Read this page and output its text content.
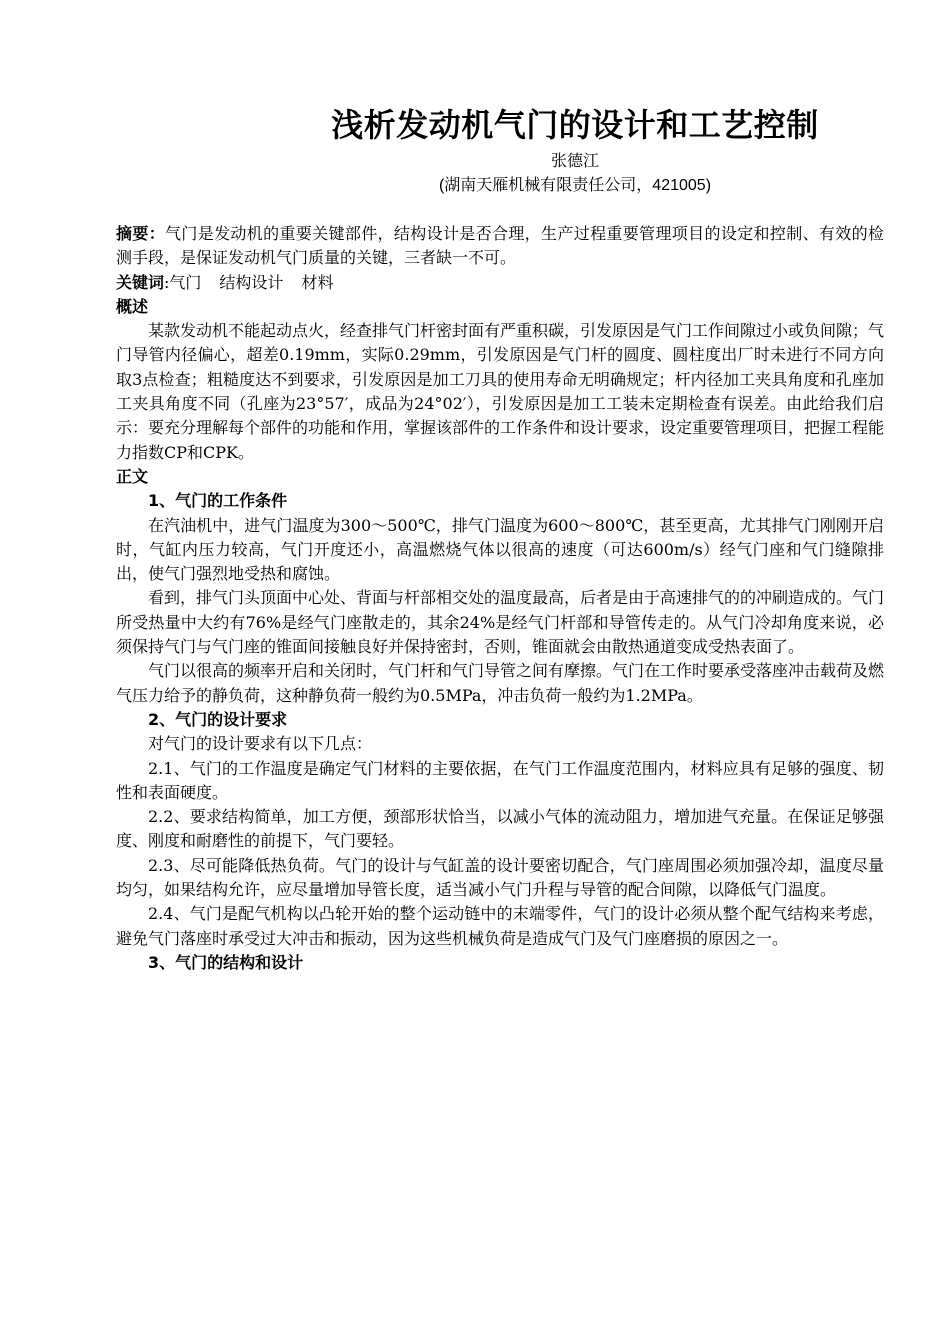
浅析发动机气门的设计和工艺控制
张德江
(湖南天雁机械有限责任公司，421005)

摘要：气门是发动机的重要关键部件，结构设计是否合理，生产过程重要管理项目的设定和控制、有效的检测手段，是保证发动机气门质量的关键，三者缺一不可。

关键词:气门 结构设计 材料

概述

某款发动机不能起动点火，经查排气门杆密封面有严重积碳，引发原因是气门工作间隙过小或负间隙；气门导管内径偏心，超差0.19mm，实际0.29mm，引发原因是气门杆的圆度、圆柱度出厂时未进行不同方向取3点检查；粗糙度达不到要求，引发原因是加工刀具的使用寿命无明确规定；杆内径加工夹具角度和孔座加工夹具角度不同（孔座为23°57′，成品为24°02′），引发原因是加工工装未定期检查有误差。由此给我们启示：要充分理解每个部件的功能和作用，掌握该部件的工作条件和设计要求，设定重要管理项目，把握工程能力指数CP和CPK。

正文

1、气门的工作条件

在汽油机中，进气门温度为300～500℃，排气门温度为600～800℃，甚至更高，尤其排气门刚刚开启时，气缸内压力较高，气门开度还小，高温燃烧气体以很高的速度（可达600m/s）经气门座和气门缝隙排出，使气门强烈地受热和腐蚀。

看到，排气门头顶面中心处、背面与杆部相交处的温度最高，后者是由于高速排气的的冲刷造成的。气门所受热量中大约有76%是经气门座散走的，其余24%是经气门杆部和导管传走的。从气门冷却角度来说，必须保持气门与气门座的锥面间接触良好并保持密封，否则，锥面就会由散热通道变成受热表面了。

气门以很高的频率开启和关闭时，气门杆和气门导管之间有摩擦。气门在工作时要承受落座冲击载荷及燃气压力给予的静负荷，这种静负荷一般约为0.5MPa，冲击负荷一般约为1.2MPa。

2、气门的设计要求

对气门的设计要求有以下几点：

2.1、气门的工作温度是确定气门材料的主要依据，在气门工作温度范围内，材料应具有足够的强度、韧性和表面硬度。

2.2、要求结构简单，加工方便，颈部形状恰当，以减小气体的流动阻力，增加进气充量。在保证足够强度、刚度和耐磨性的前提下，气门要轻。

2.3、尽可能降低热负荷。气门的设计与气缸盖的设计要密切配合，气门座周围必须加强冷却，温度尽量均匀，如果结构允许，应尽量增加导管长度，适当减小气门升程与导管的配合间隙，以降低气门温度。

2.4、气门是配气机构以凸轮开始的整个运动链中的末端零件，气门的设计必须从整个配气结构来考虑，避免气门落座时承受过大冲击和振动，因为这些机械负荷是造成气门及气门座磨损的原因之一。

3、气门的结构和设计
